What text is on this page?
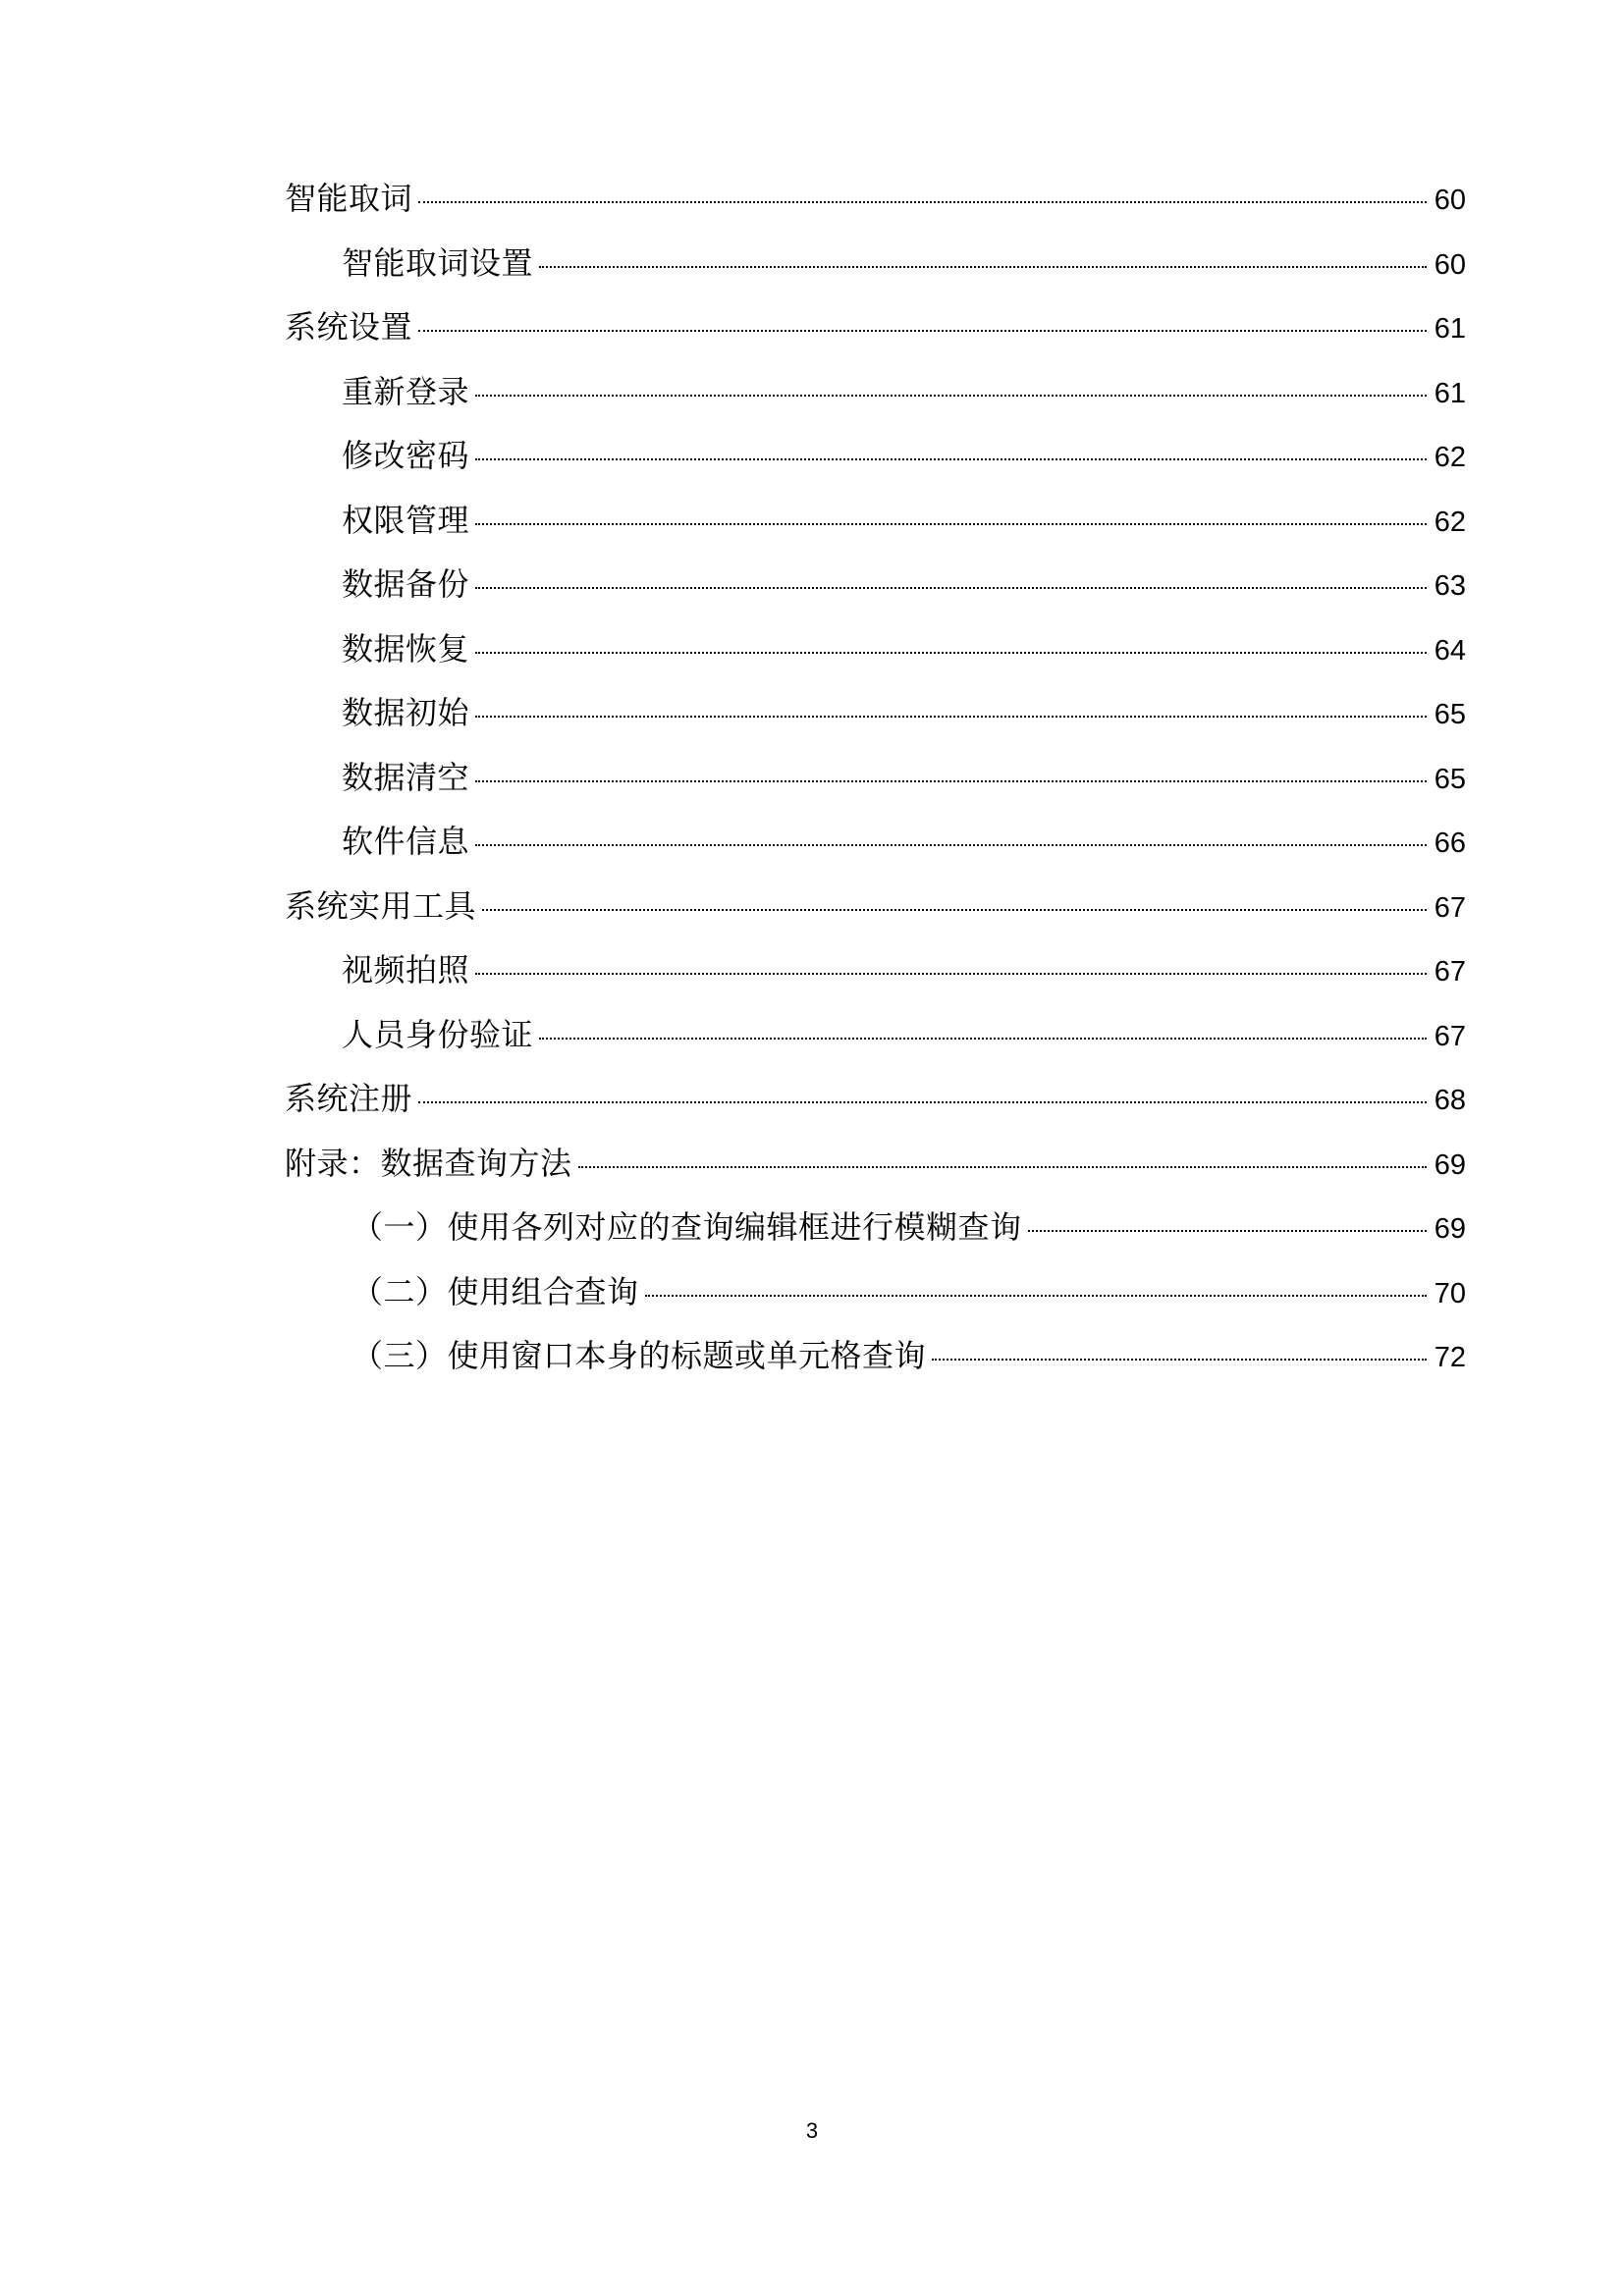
智能取词	60
智能取词设置	60
系统设置	61
重新登录	61
修改密码	62
权限管理	62
数据备份	63
数据恢复	64
数据初始	65
数据清空	65
软件信息	66
系统实用工具	67
视频拍照	67
人员身份验证	67
系统注册	68
附录：数据查询方法	69
（一）使用各列对应的查询编辑框进行模糊查询	69
（二）使用组合查询	70
（三）使用窗口本身的标题或单元格查询	72
3
